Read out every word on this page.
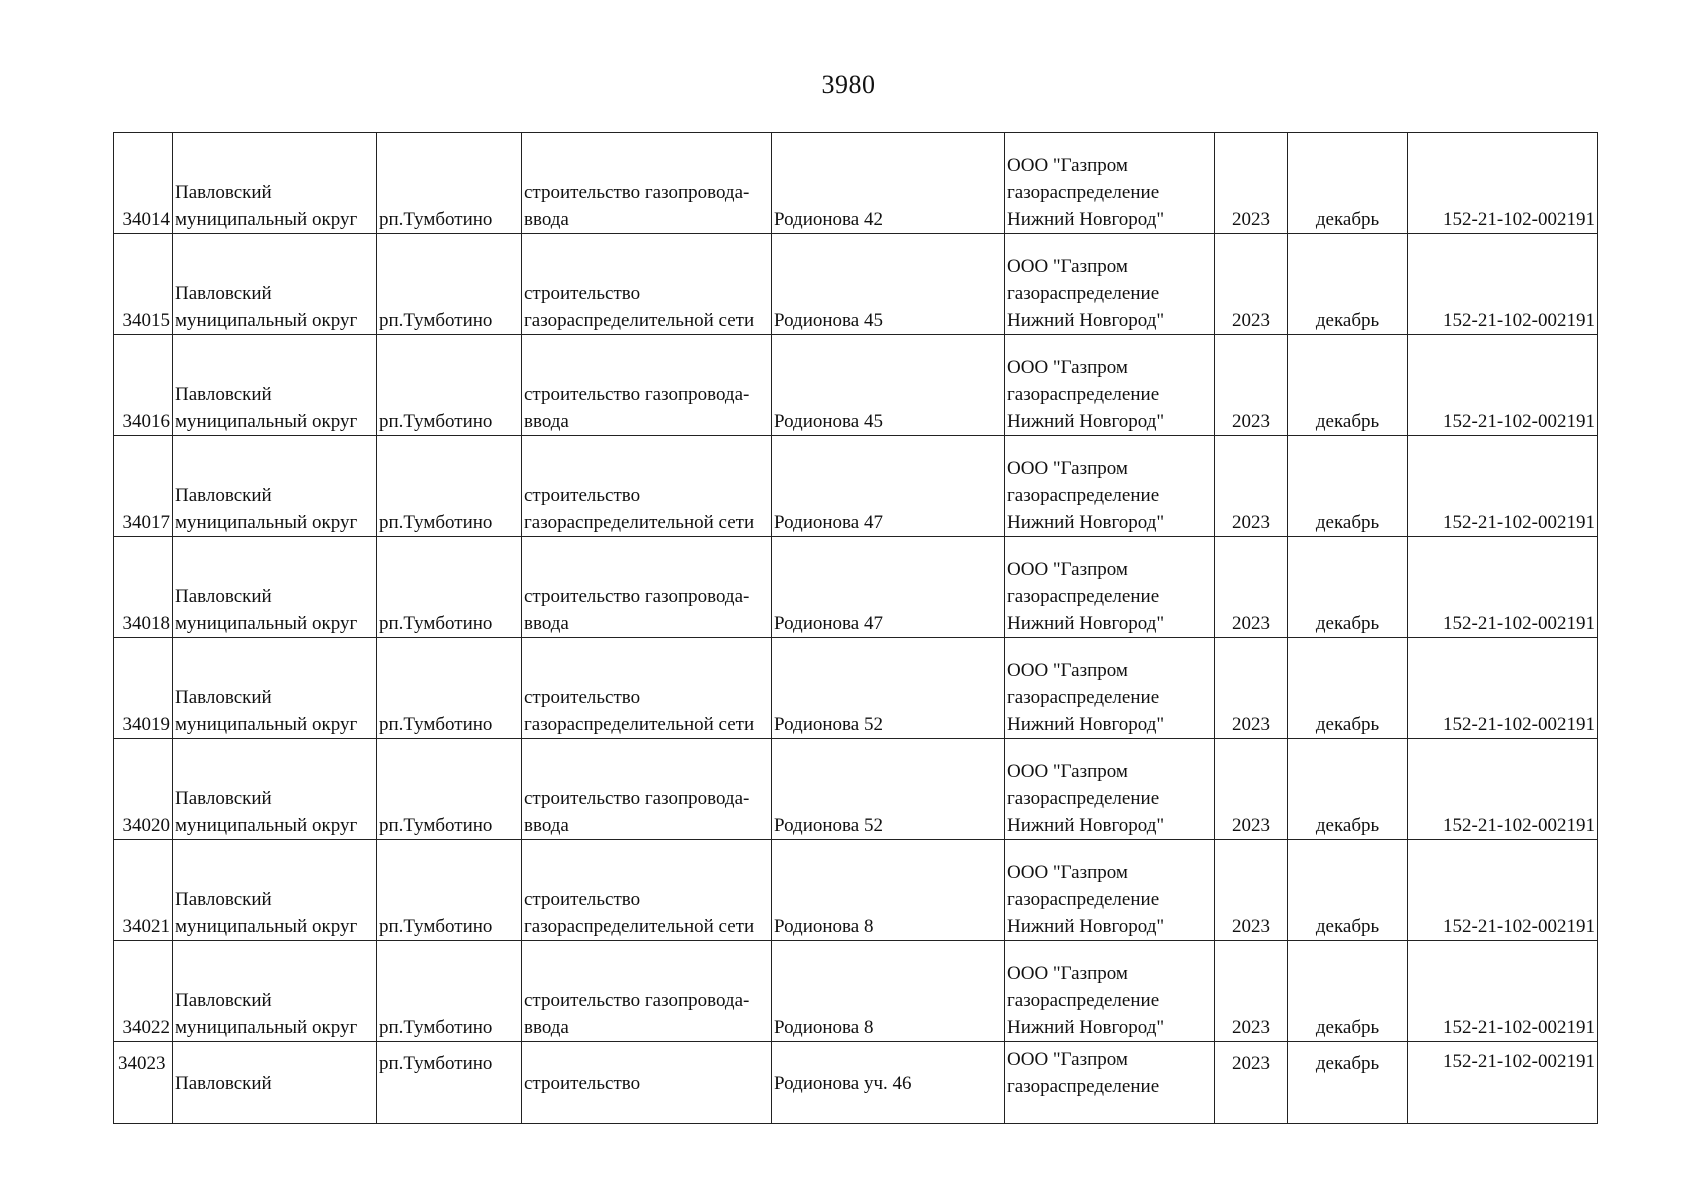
3980
34014	Павловский
муниципальный округ	рп.Тумботино	строительство газопровода-
ввода	Родионова 42	ООО "Газпром
газораспределение
Нижний Новгород"	2023	декабрь	152-21-102-002191
34015	Павловский
муниципальный округ	рп.Тумботино	строительство
газораспределительной сети	Родионова 45	ООО "Газпром
газораспределение
Нижний Новгород"	2023	декабрь	152-21-102-002191
34016	Павловский
муниципальный округ	рп.Тумботино	строительство газопровода-
ввода	Родионова 45	ООО "Газпром
газораспределение
Нижний Новгород"	2023	декабрь	152-21-102-002191
34017	Павловский
муниципальный округ	рп.Тумботино	строительство
газораспределительной сети	Родионова 47	ООО "Газпром
газораспределение
Нижний Новгород"	2023	декабрь	152-21-102-002191
34018	Павловский
муниципальный округ	рп.Тумботино	строительство газопровода-
ввода	Родионова 47	ООО "Газпром
газораспределение
Нижний Новгород"	2023	декабрь	152-21-102-002191
34019	Павловский
муниципальный округ	рп.Тумботино	строительство
газораспределительной сети	Родионова 52	ООО "Газпром
газораспределение
Нижний Новгород"	2023	декабрь	152-21-102-002191
34020	Павловский
муниципальный округ	рп.Тумботино	строительство газопровода-
ввода	Родионова 52	ООО "Газпром
газораспределение
Нижний Новгород"	2023	декабрь	152-21-102-002191
34021	Павловский
муниципальный округ	рп.Тумботино	строительство
газораспределительной сети	Родионова 8	ООО "Газпром
газораспределение
Нижний Новгород"	2023	декабрь	152-21-102-002191
34022	Павловский
муниципальный округ	рп.Тумботино	строительство газопровода-
ввода	Родионова 8	ООО "Газпром
газораспределение
Нижний Новгород"	2023	декабрь	152-21-102-002191
34023	Павловский	рп.Тумботино	строительство	Родионова уч. 46	ООО "Газпром
газораспределение	2023	декабрь	152-21-102-002191
